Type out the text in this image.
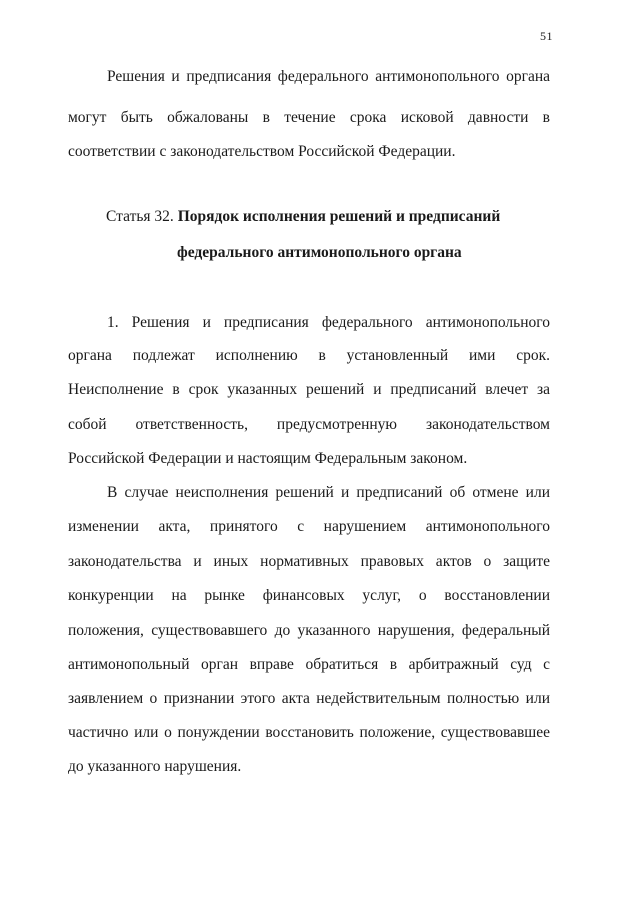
51
Решения и предписания федерального антимонопольного органа
могут быть обжалованы в течение срока исковой давности в
соответствии с законодательством Российской Федерации.
Статья 32. Порядок исполнения решений и предписаний
федерального антимонопольного органа
1. Решения и предписания федерального антимонопольного
органа подлежат исполнению в установленный ими срок.
Неисполнение в срок указанных решений и предписаний влечет за
собой ответственность, предусмотренную законодательством
Российской Федерации и настоящим Федеральным законом.
В случае неисполнения решений и предписаний об отмене или
изменении акта, принятого с нарушением антимонопольного
законодательства и иных нормативных правовых актов о защите
конкуренции на рынке финансовых услуг, о восстановлении
положения, существовавшего до указанного нарушения, федеральный
антимонопольный орган вправе обратиться в арбитражный суд с
заявлением о признании этого акта недействительным полностью или
частично или о понуждении восстановить положение, существовавшее
до указанного нарушения.
